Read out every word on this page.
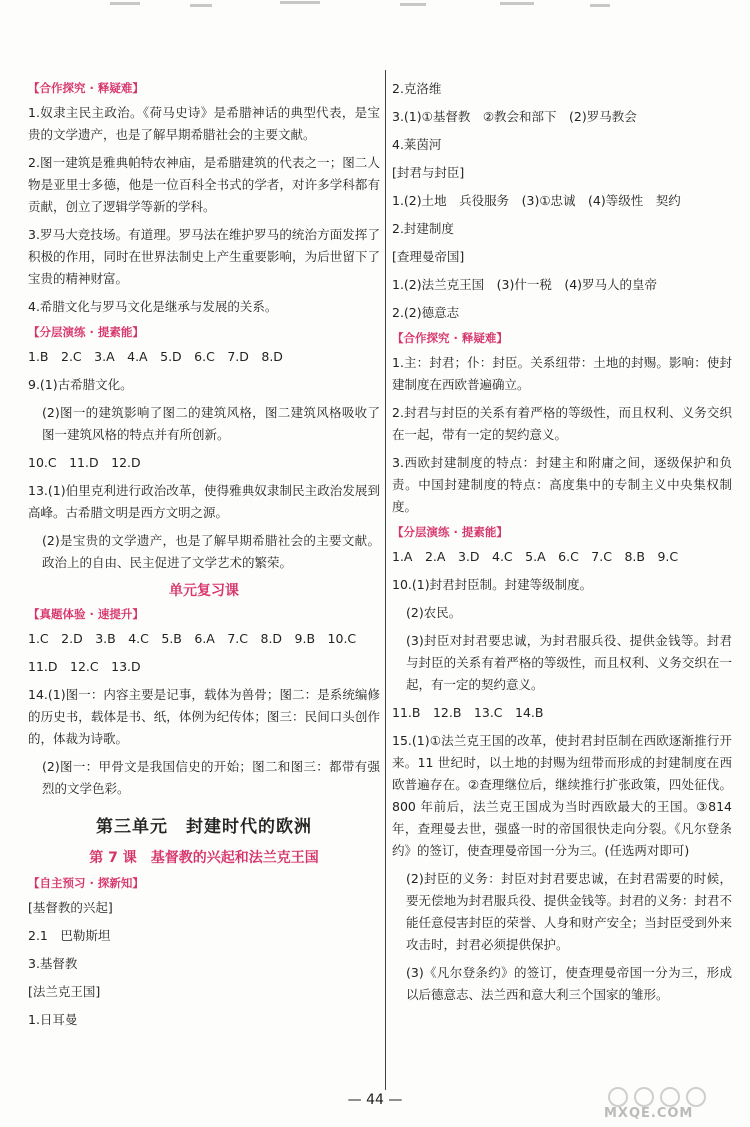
【合作探究 · 释疑难】
1.奴隶主民主政治。《荷马史诗》是希腊神话的典型代表，是宝贵的文学遗产，也是了解早期希腊社会的主要文献。
2.图一建筑是雅典帕特农神庙，是希腊建筑的代表之一；图二人物是亚里士多德，他是一位百科全书式的学者，对许多学科都有贡献，创立了逻辑学等新的学科。
3.罗马大竞技场。有道理。罗马法在维护罗马的统治方面发挥了积极的作用，同时在世界法制史上产生重要影响，为后世留下了宝贵的精神财富。
4.希腊文化与罗马文化是继承与发展的关系。
【分层演练 · 提素能】
1.B　2.C　3.A　4.A　5.D　6.C　7.D　8.D
9.(1)古希腊文化。
(2)图一的建筑影响了图二的建筑风格，图二建筑风格吸收了图一建筑风格的特点并有所创新。
10.C　11.D　12.D
13.(1)伯里克利进行政治改革，使得雅典奴隶制民主政治发展到高峰。古希腊文明是西方文明之源。
(2)是宝贵的文学遗产，也是了解早期希腊社会的主要文献。政治上的自由、民主促进了文学艺术的繁荣。
单元复习课
【真题体验 · 速提升】
1.C　2.D　3.B　4.C　5.B　6.A　7.C　8.D　9.B　10.C
11.D　12.C　13.D
14.(1)图一：内容主要是记事，载体为兽骨；图二：是系统编修的历史书，载体是书、纸，体例为纪传体；图三：民间口头创作的，体裁为诗歌。
(2)图一：甲骨文是我国信史的开始；图二和图三：都带有强烈的文学色彩。
第三单元　封建时代的欧洲
第 7 课　基督教的兴起和法兰克王国
【自主预习 · 探新知】
[基督教的兴起]
2.1　巴勒斯坦
3.基督教
[法兰克王国]
1.日耳曼
2.克洛维
3.(1)①基督教　②教会和部下　(2)罗马教会
4.莱茵河
[封君与封臣]
1.(2)土地　兵役服务　(3)①忠诚　(4)等级性　契约
2.封建制度
[查理曼帝国]
1.(2)法兰克王国　(3)什一税　(4)罗马人的皇帝
2.(2)德意志
【合作探究 · 释疑难】
1.主：封君；仆：封臣。关系纽带：土地的封赐。影响：使封建制度在西欧普遍确立。
2.封君与封臣的关系有着严格的等级性，而且权利、义务交织在一起，带有一定的契约意义。
3.西欧封建制度的特点：封建主和附庸之间，逐级保护和负责。中国封建制度的特点：高度集中的专制主义中央集权制度。
【分层演练 · 提素能】
1.A　2.A　3.D　4.C　5.A　6.C　7.C　8.B　9.C
10.(1)封君封臣制。封建等级制度。
(2)农民。
(3)封臣对封君要忠诚，为封君服兵役、提供金钱等。封君与封臣的关系有着严格的等级性，而且权利、义务交织在一起，有一定的契约意义。
11.B　12.B　13.C　14.B
15.(1)①法兰克王国的改革，使封君封臣制在西欧逐渐推行开来。11 世纪时，以土地的封赐为纽带而形成的封建制度在西欧普遍存在。②查理继位后，继续推行扩张政策，四处征伐。800 年前后，法兰克王国成为当时西欧最大的王国。③814 年，查理曼去世，强盛一时的帝国很快走向分裂。《凡尔登条约》的签订，使查理曼帝国一分为三。(任选两对即可)
(2)封臣的义务：封臣对封君要忠诚，在封君需要的时候，要无偿地为封君服兵役、提供金钱等。封君的义务：封君不能任意侵害封臣的荣誉、人身和财产安全；当封臣受到外来攻击时，封君必须提供保护。
(3)《凡尔登条约》的签订，使查理曼帝国一分为三，形成以后德意志、法兰西和意大利三个国家的雏形。
— 44 —
MXQE.COM
